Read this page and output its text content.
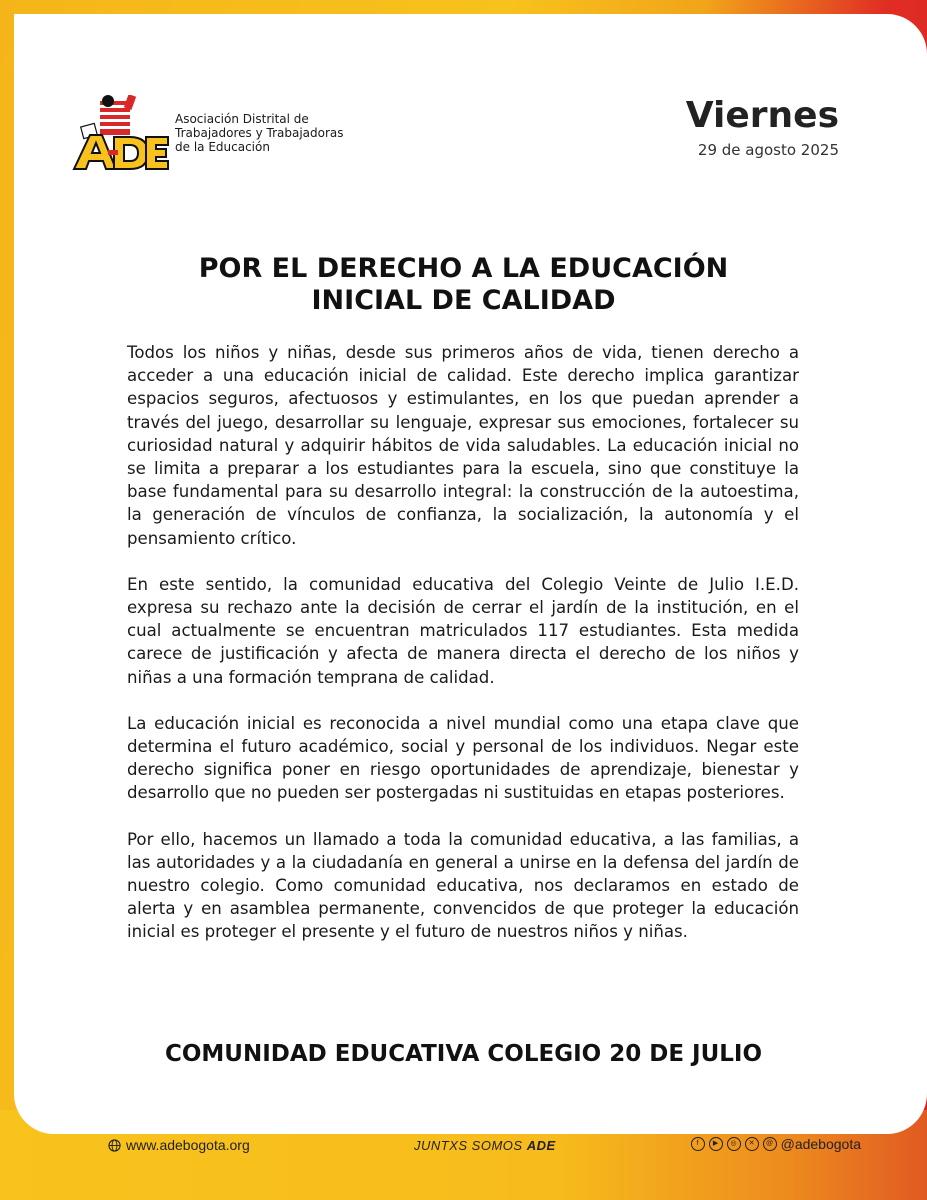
Asociación Distrital de
Trabajadores y Trabajadoras
de la Educación
Viernes
29 de agosto 2025
POR EL DERECHO A LA EDUCACIÓN
INICIAL DE CALIDAD

Todos los niños y niñas, desde sus primeros años de vida, tienen derecho a acceder a una educación inicial de calidad. Este derecho implica garantizar espacios seguros, afectuosos y estimulantes, en los que puedan aprender a través del juego, desarrollar su lenguaje, expresar sus emociones, fortalecer su curiosidad natural y adquirir hábitos de vida saludables. La educación inicial no se limita a preparar a los estudiantes para la escuela, sino que constituye la base fundamental para su desarrollo integral: la construcción de la autoestima, la generación de vínculos de confianza, la socialización, la autonomía y el pensamiento crítico.

En este sentido, la comunidad educativa del Colegio Veinte de Julio I.E.D. expresa su rechazo ante la decisión de cerrar el jardín de la institución, en el cual actualmente se encuentran matriculados 117 estudiantes. Esta medida carece de justificación y afecta de manera directa el derecho de los niños y niñas a una formación temprana de calidad.

La educación inicial es reconocida a nivel mundial como una etapa clave que determina el futuro académico, social y personal de los individuos. Negar este derecho significa poner en riesgo oportunidades de aprendizaje, bienestar y desarrollo que no pueden ser postergadas ni sustituidas en etapas posteriores.

Por ello, hacemos un llamado a toda la comunidad educativa, a las familias, a las autoridades y a la ciudadanía en general a unirse en la defensa del jardín de nuestro colegio. Como comunidad educativa, nos declaramos en estado de alerta y en asamblea permanente, convencidos de que proteger la educación inicial es proteger el presente y el futuro de nuestros niños y niñas.

COMUNIDAD EDUCATIVA COLEGIO 20 DE JULIO
www.adebogota.org	JUNTXS SOMOS ADE	f	▶	◎	✕	@ @adebogota
